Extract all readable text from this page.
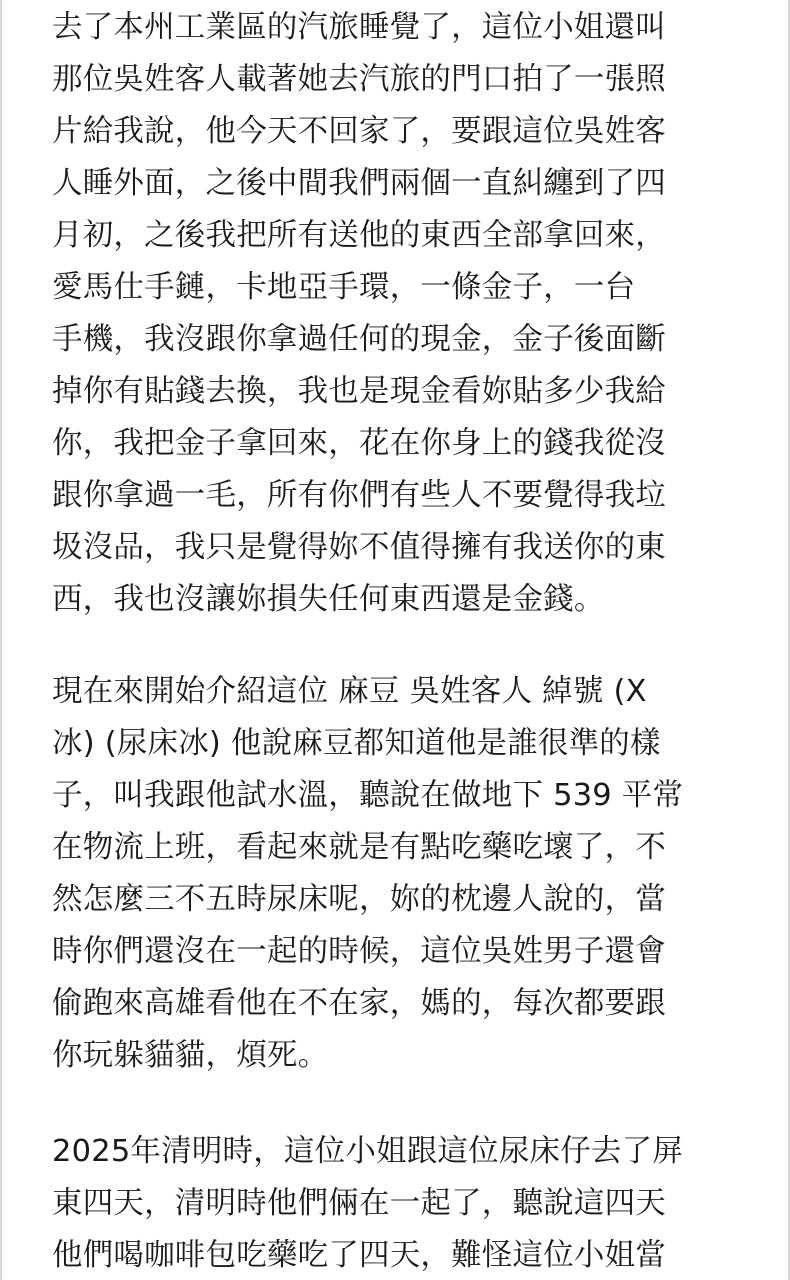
去了本州工業區的汽旅睡覺了，這位小姐還叫
那位吳姓客人載著她去汽旅的門口拍了一張照
片給我說，他今天不回家了，要跟這位吳姓客
人睡外面，之後中間我們兩個一直糾纏到了四
月初，之後我把所有送他的東西全部拿回來，
愛馬仕手鏈，卡地亞手環，一條金子，一台
手機，我沒跟你拿過任何的現金，金子後面斷
掉你有貼錢去換，我也是現金看妳貼多少我給
你，我把金子拿回來，花在你身上的錢我從沒
跟你拿過一毛，所有你們有些人不要覺得我垃
圾沒品，我只是覺得妳不值得擁有我送你的東
西，我也沒讓妳損失任何東西還是金錢。

現在來開始介紹這位 麻豆 吳姓客人 綽號 (X
冰) (尿床冰) 他說麻豆都知道他是誰很準的樣
子，叫我跟他試水溫，聽說在做地下 539 平常
在物流上班，看起來就是有點吃藥吃壞了，不
然怎麼三不五時尿床呢，妳的枕邊人說的，當
時你們還沒在一起的時候，這位吳姓男子還會
偷跑來高雄看他在不在家，媽的，每次都要跟
你玩躲貓貓，煩死。

2025年清明時，這位小姐跟這位尿床仔去了屏
東四天，清明時他們倆在一起了，聽說這四天
他們喝咖啡包吃藥吃了四天，難怪這位小姐當
